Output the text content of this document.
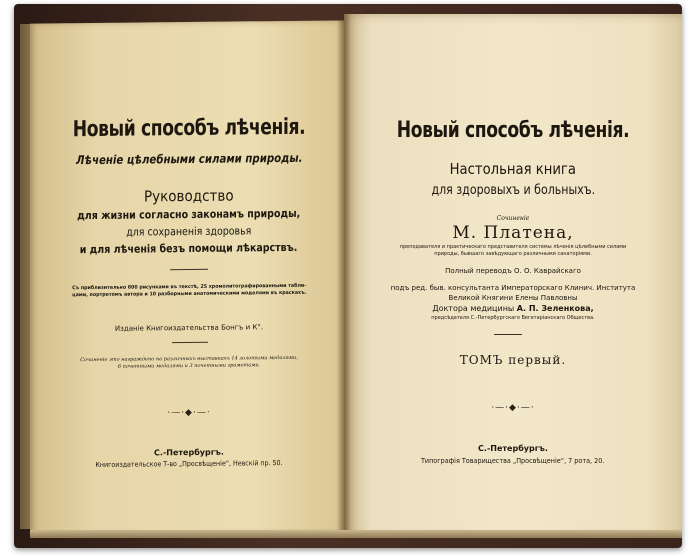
Новый способъ лѣченія.
Лѣченіе цѣлебными силами природы.
Руководство
для жизни согласно законамъ природы,
для сохраненія здоровья
и для лѣченія безъ помощи лѣкарствъ.
Съ приблизительно 600 рисунками въ текстѣ, 25 хромолитографированными табли-
цами, портретомъ автора и 10 разборными анатомическими моделями въ краскахъ.
Изданіе Книгоиздательства Бонгъ и К°.
Сочиненіе это награждено на различныхъ выставкахъ 14 золотыми медалями,
6 почетными медалями и 3 почетными грамотами.
·—·◆·—·
С.-Петербургъ.
Книгоиздательское Т-во „Просвѣщеніе“, Невскій пр. 50.
Новый способъ лѣченія.
Настольная книга
для здоровыхъ и больныхъ.
Сочиненіе
М. Платена,
преподавателя и практическаго представителя системы лѣченія цѣлебными силами
природы, бывшаго завѣдующаго различными санаторіями.
Полный переводъ О. О. Каврайскаго
подъ ред. быв. консультанта Императорскаго Клинич. Института
Великой Княгини Елены Павловны
Доктора медицины А. П. Зеленкова,
предсѣдателя С.-Петербургскаго Вегетаріанскаго Общества.
ТОМЪ первый.
·—·◆·—·
С.-Петербургъ.
Типографія Товарищества „Просвѣщеніе“, 7 рота, 20.
